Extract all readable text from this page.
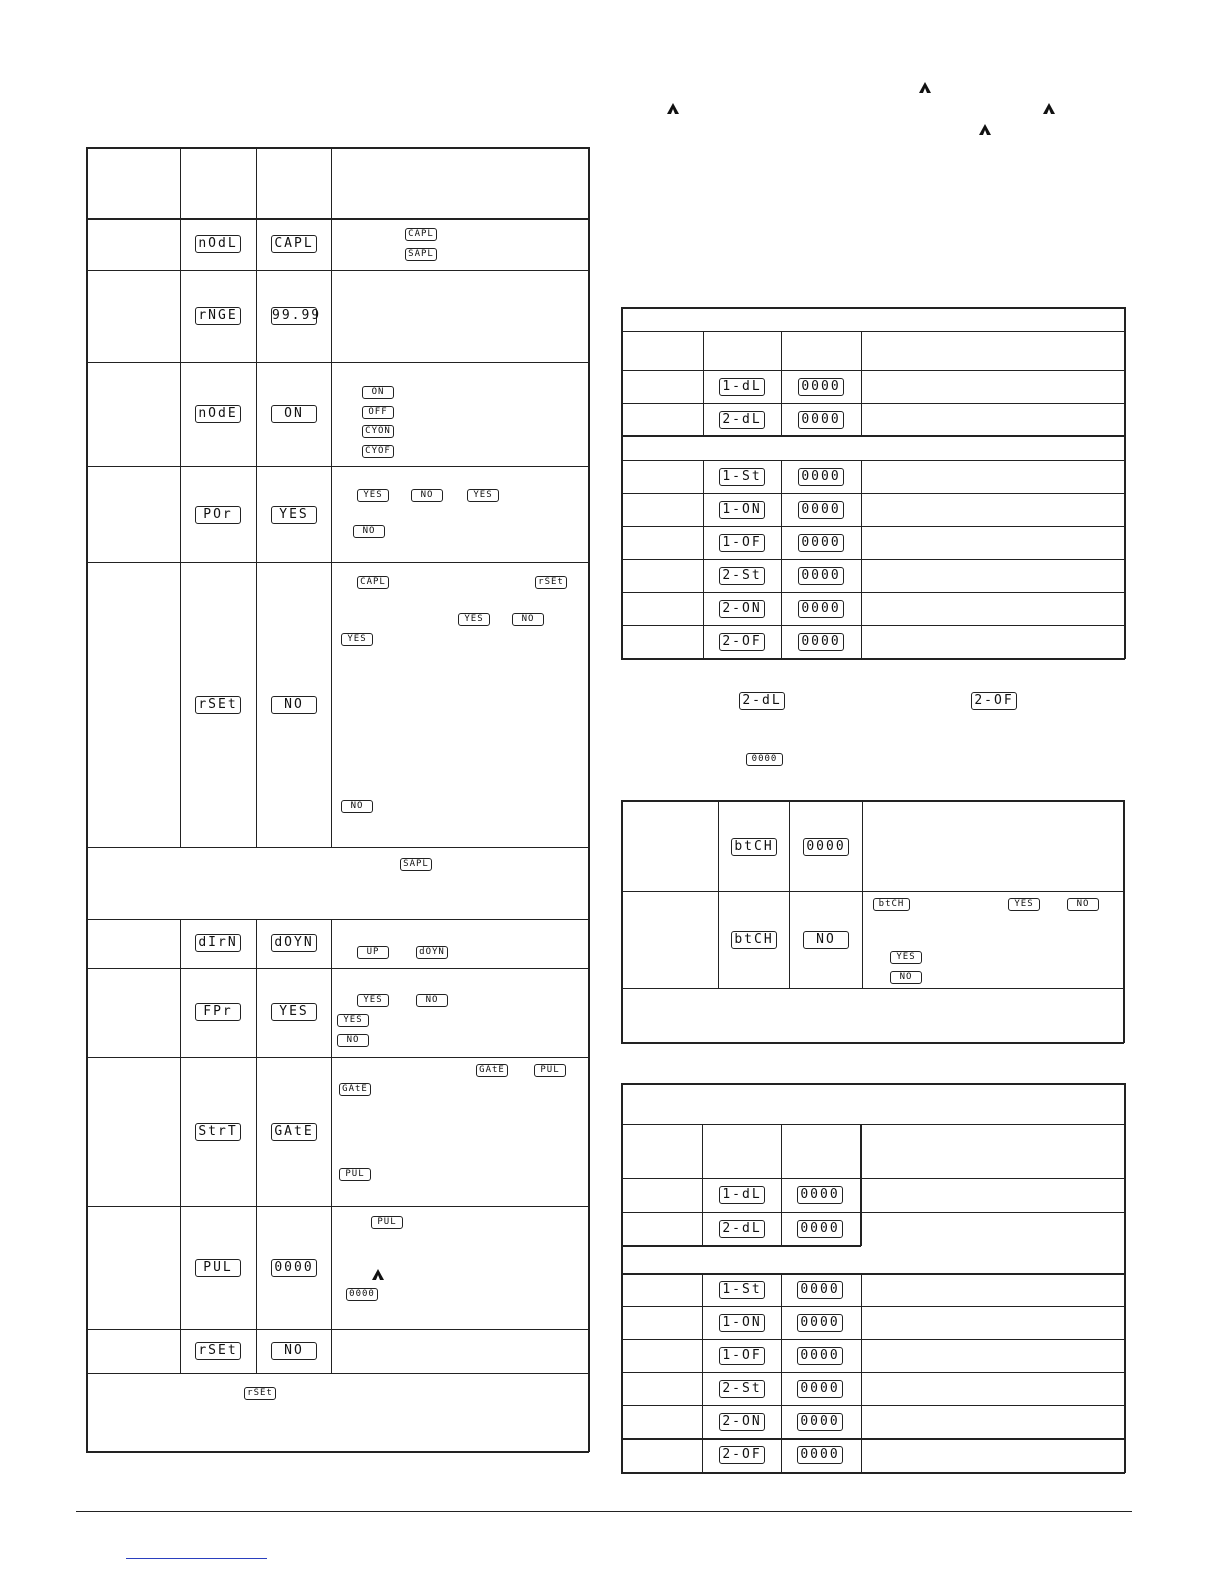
nOdL	CAPL
CAPL
SAPL
rNGE	99.99
nOdE	ON
ON
OFF
CYON
CYOF
POr	YES
YES	NO	YES
NO
rSEt	NO
CAPL	rSEt
YES	NO
YES
NO
SAPL
dIrN	dOYN
UP	dOYN
FPr	YES
YES	NO
YES
NO
StrT	GAtE
GAtE	PUL
GAtE
PUL
PUL	0000
PUL
0000
rSEt	NO
rSEt
1-dL	0000
2-dL	0000
1-St	0000
1-ON	0000
1-OF	0000
2-St	0000
2-ON	0000
2-OF	0000
2-dL	2-OF
0000
btCH	0000
btCH	NO
btCH	YES	NO
YES
NO
1-dL	0000
2-dL	0000
1-St	0000
1-ON	0000
1-OF	0000
2-St	0000
2-ON	0000
2-OF	0000
